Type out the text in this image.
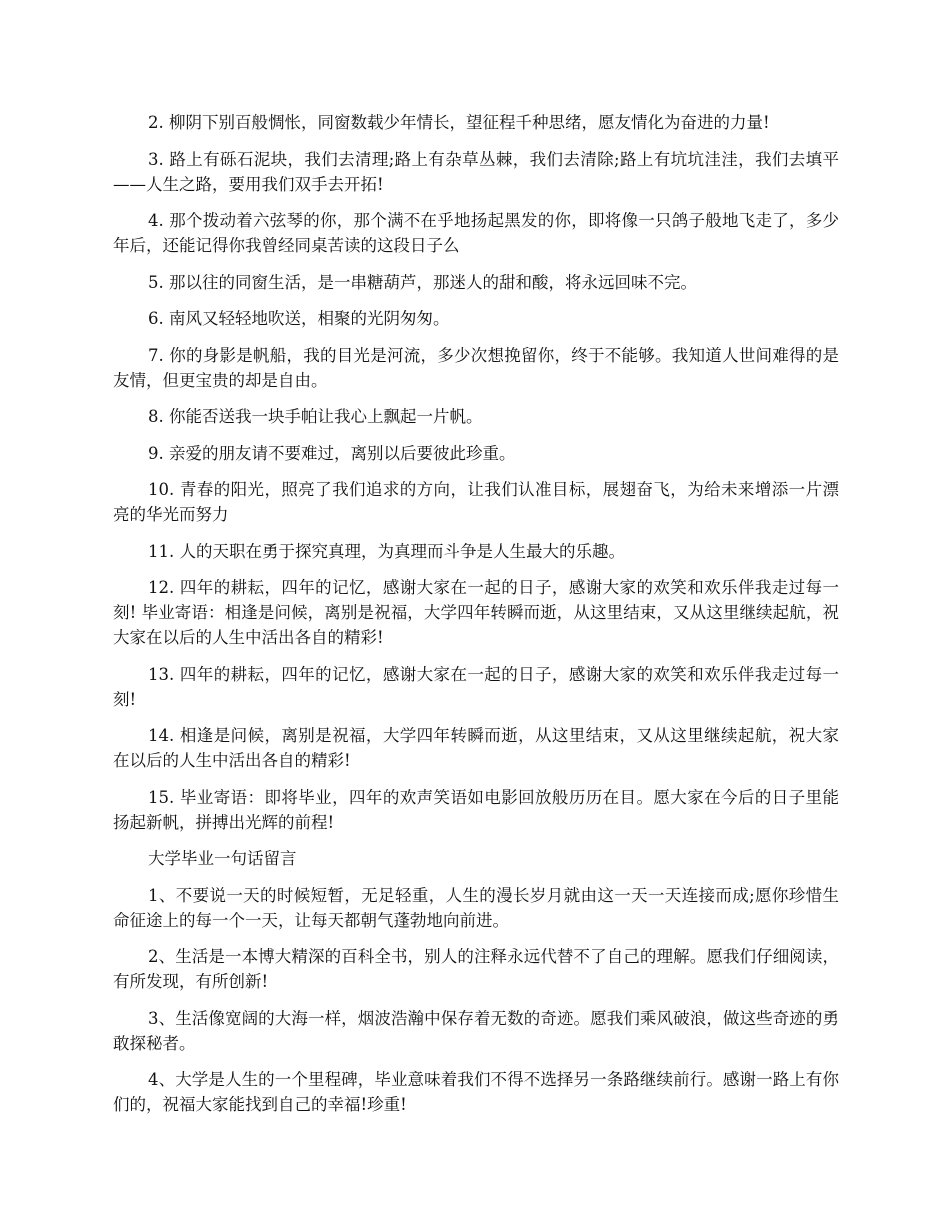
2. 柳阴下别百般惆怅，同窗数载少年情长，望征程千种思绪，愿友情化为奋进的力量!

3. 路上有砾石泥块，我们去清理;路上有杂草丛棘，我们去清除;路上有坑坑洼洼，我们去填平——人生之路，要用我们双手去开拓!

4. 那个拨动着六弦琴的你，那个满不在乎地扬起黑发的你，即将像一只鸽子般地飞走了，多少年后，还能记得你我曾经同桌苦读的这段日子么

5. 那以往的同窗生活，是一串糖葫芦，那迷人的甜和酸，将永远回味不完。

6. 南风又轻轻地吹送，相聚的光阴匆匆。

7. 你的身影是帆船，我的目光是河流，多少次想挽留你，终于不能够。我知道人世间难得的是友情，但更宝贵的却是自由。

8. 你能否送我一块手帕让我心上飘起一片帆。

9. 亲爱的朋友请不要难过，离别以后要彼此珍重。

10. 青春的阳光，照亮了我们追求的方向，让我们认准目标，展翅奋飞，为给未来增添一片漂亮的华光而努力

11. 人的天职在勇于探究真理，为真理而斗争是人生最大的乐趣。

12. 四年的耕耘，四年的记忆，感谢大家在一起的日子，感谢大家的欢笑和欢乐伴我走过每一刻! 毕业寄语：相逢是问候，离别是祝福，大学四年转瞬而逝，从这里结束，又从这里继续起航，祝大家在以后的人生中活出各自的精彩!

13. 四年的耕耘，四年的记忆，感谢大家在一起的日子，感谢大家的欢笑和欢乐伴我走过每一刻!

14. 相逢是问候，离别是祝福，大学四年转瞬而逝，从这里结束，又从这里继续起航，祝大家在以后的人生中活出各自的精彩!

15. 毕业寄语：即将毕业，四年的欢声笑语如电影回放般历历在目。愿大家在今后的日子里能扬起新帆，拼搏出光辉的前程!

大学毕业一句话留言

1、不要说一天的时候短暂，无足轻重，人生的漫长岁月就由这一天一天连接而成;愿你珍惜生命征途上的每一个一天，让每天都朝气蓬勃地向前进。

2、生活是一本博大精深的百科全书，别人的注释永远代替不了自己的理解。愿我们仔细阅读，有所发现，有所创新!

3、生活像宽阔的大海一样，烟波浩瀚中保存着无数的奇迹。愿我们乘风破浪，做这些奇迹的勇敢探秘者。

4、大学是人生的一个里程碑，毕业意味着我们不得不选择另一条路继续前行。感谢一路上有你们的，祝福大家能找到自己的幸福!珍重!
